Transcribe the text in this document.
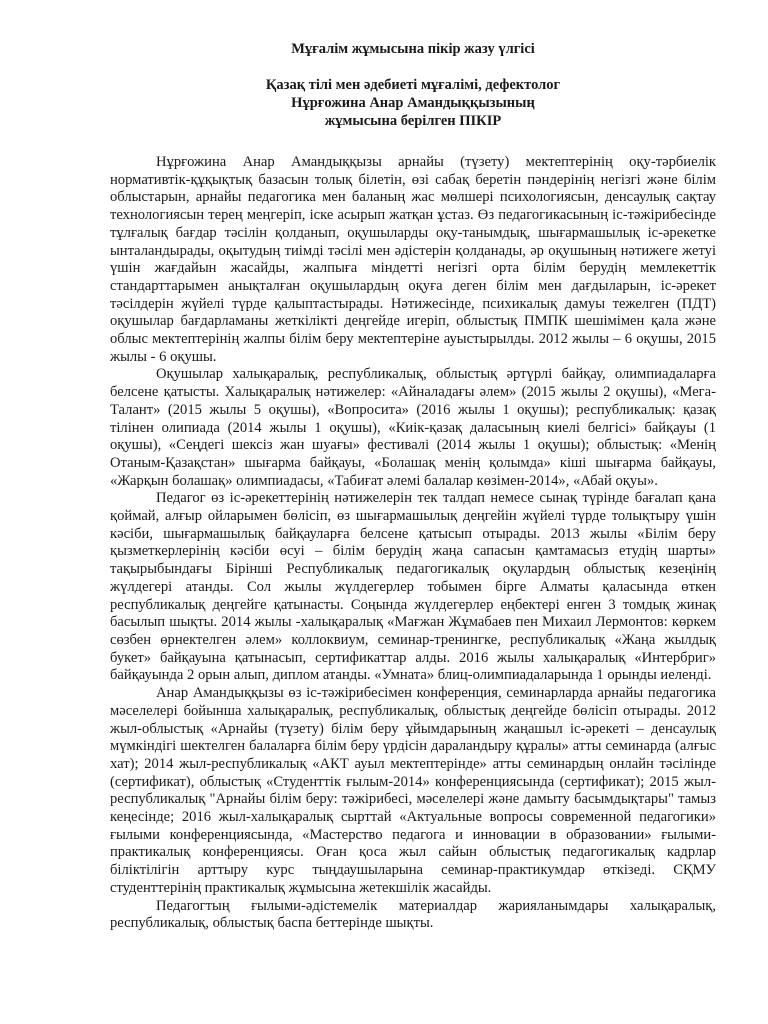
Мұғалім жұмысына пікір жазу үлгісі

Қазақ тілі мен әдебиеті мұғалімі, дефектолог

Нұрғожина Анар Амандыққызының

жұмысына берілген ПІКІР

Нұрғожина Анар Амандыққызы арнайы (түзету) мектептерінің оқу-тәрбиелік нормативтік-құқықтық базасын толық білетін, өзі сабақ беретін пәндерінің негізгі және білім облыстарын, арнайы педагогика мен баланың жас мөлшері психологиясын, денсаулық сақтау технологиясын терең меңгеріп, іске асырып жатқан ұстаз. Өз педагогикасының іс-тәжірибесінде тұлғалық бағдар тәсілін қолданып, оқушыларды оқу-танымдық, шығармашылық іс-әрекетке ынталандырады, оқытудың тиімді тәсілі мен әдістерін қолданады, әр оқушының нәтижеге жетуі үшін жағдайын жасайды, жалпыға міндетті негізгі орта білім берудің мемлекеттік стандарттарымен анықталған оқушылардың оқуға деген білім мен дағдыларын, іс-әрекет тәсілдерін жүйелі түрде қалыптастырады. Нәтижесінде, психикалық дамуы тежелген (ПДТ) оқушылар бағдарламаны жеткілікті деңгейде игеріп, облыстық ПМПК шешімімен қала және облыс мектептерінің жалпы білім беру мектептеріне ауыстырылды. 2012 жылы – 6 оқушы, 2015 жылы - 6 оқушы.

Оқушылар халықаралық, республикалық, облыстық әртүрлі байқау, олимпиадаларға белсене қатысты. Халықаралық нәтижелер: «Айналадағы әлем» (2015 жылы 2 оқушы), «Мега-Талант» (2015 жылы 5 оқушы), «Вопросита» (2016 жылы 1 оқушы); республикалық: қазақ тілінен олипиада (2014 жылы 1 оқушы), «Киік-қазақ даласының киелі белгісі» байқауы (1 оқушы), «Сеңдегі шексіз жан шуағы» фестивалі (2014 жылы 1 оқушы); облыстық: «Менің Отаным-Қазақстан» шығарма байқауы, «Болашақ менің қолымда» кіші шығарма байқауы, «Жарқын болашақ» олимпиадасы, «Табиғат әлемі балалар көзімен-2014», «Абай оқуы».

Педагог өз іс-әрекеттерінің нәтижелерін тек талдап немесе сынақ түрінде бағалап қана қоймай, алғыр ойларымен бөлісіп, өз шығармашылық деңгейін жүйелі түрде толықтыру үшін кәсіби, шығармашылық байқауларға белсене қатысып отырады. 2013 жылы «Білім беру қызметкерлерінің кәсіби өсуі – білім берудің жаңа сапасын қамтамасыз етудің шарты» тақырыбындағы Бірінші Республикалық педагогикалық оқулардың облыстық кезеңінің жүлдегері атанды. Сол жылы жүлдегерлер тобымен бірге Алматы қаласында өткен республикалық деңгейге қатынасты. Соңында жүлдегерлер еңбектері енген 3 томдық жинақ басылып шықты. 2014 жылы -халықаралық «Мағжан Жұмабаев пен Михаил Лермонтов: көркем сөзбен өрнектелген әлем» коллоквиум, семинар-тренингке, республикалық «Жаңа жылдық букет» байқауына қатынасып, сертификаттар алды. 2016 жылы халықаралық «Интербриг» байқауында 2 орын алып, диплом атанды. «Умната» блиц-олимпиадаларында 1 орынды иеленді.

Анар Амандыққызы өз іс-тәжірибесімен конференция, семинарларда арнайы педагогика мәселелері бойынша халықаралық, республикалық, облыстық деңгейде бөлісіп отырады. 2012 жыл-облыстық «Арнайы (түзету) білім беру ұйымдарының жаңашыл іс-әрекеті – денсаулық мүмкіндігі шектелген балаларға білім беру үрдісін дараландыру құралы» атты семинарда (алғыс хат); 2014 жыл-республикалық «АКТ ауыл мектептерінде» атты семинардың онлайн тәсілінде (сертификат), облыстық «Студенттік ғылым-2014» конференциясында (сертификат); 2015 жыл-республикалық "Арнайы білім беру: тәжірибесі, мәселелері және дамыту басымдықтары" тамыз кеңесінде; 2016 жыл-халықаралық сырттай «Актуальные вопросы современной педагогики» ғылыми конференциясында, «Мастерство педагога и инновации в образовании» ғылыми-практикалық конференциясы. Оған қоса жыл сайын облыстық педагогикалық кадрлар біліктілігін арттыру курс тыңдаушыларына семинар-практикумдар өткізеді. СҚМУ студенттерінің практикалық жұмысына жетекшілік жасайды.

Педагогтың ғылыми-әдістемелік материалдар жарияланымдары халықаралық, республикалық, облыстық баспа беттерінде шықты.
